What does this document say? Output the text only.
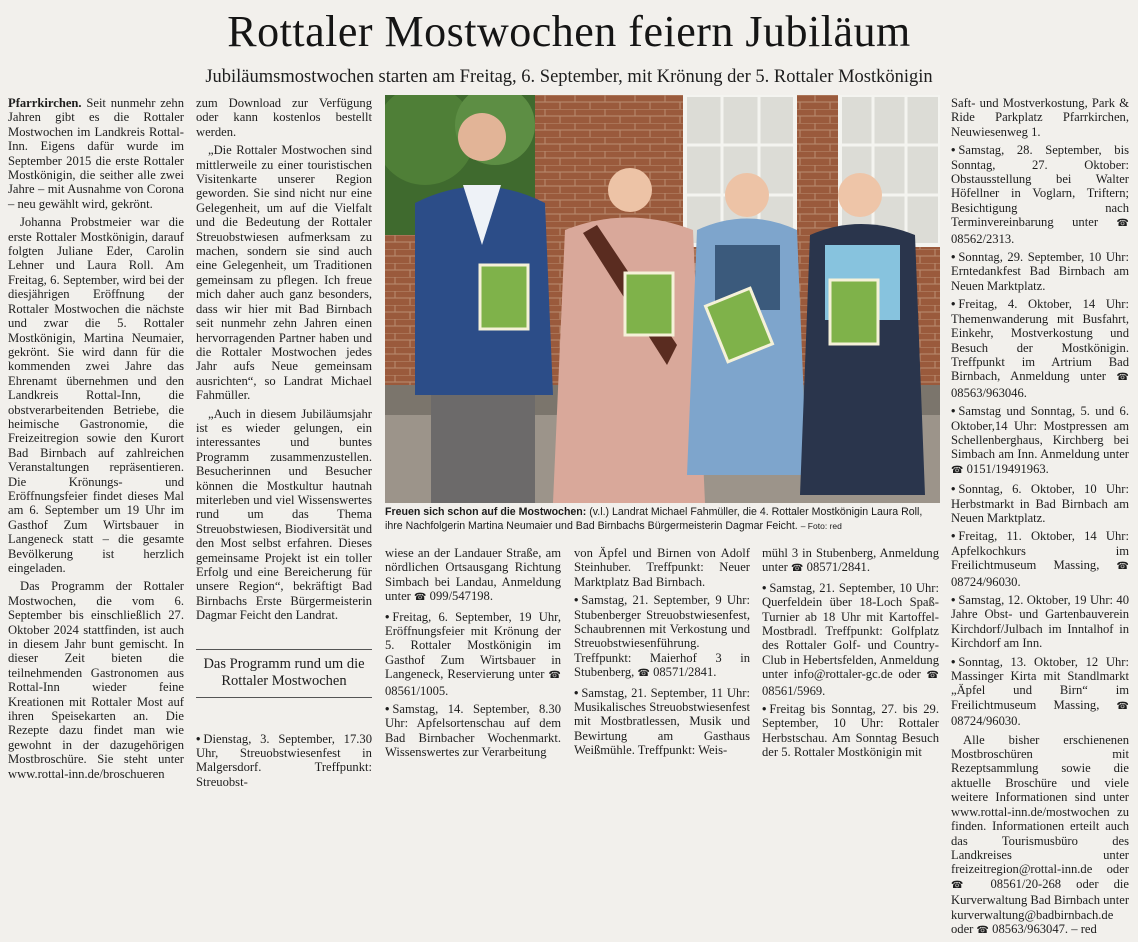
Rottaler Mostwochen feiern Jubiläum
Jubiläumsmostwochen starten am Freitag, 6. September, mit Krönung der 5. Rottaler Mostkönigin

Pfarrkirchen. Seit nunmehr zehn Jahren gibt es die Rottaler Mostwochen im Landkreis Rottal-Inn. Eigens dafür wurde im September 2015 die erste Rottaler Mostkönigin, die seither alle zwei Jahre – mit Ausnahme von Corona – neu gewählt wird, gekrönt.

Johanna Probstmeier war die erste Rottaler Mostkönigin, darauf folgten Juliane Eder, Carolin Lehner und Laura Roll. Am Freitag, 6. September, wird bei der diesjährigen Eröffnung der Rottaler Mostwochen die nächste und zwar die 5. Rottaler Mostkönigin, Martina Neumaier, gekrönt. Sie wird dann für die kommenden zwei Jahre das Ehrenamt übernehmen und den Landkreis Rottal-Inn, die obstverarbeitenden Betriebe, die heimische Gastronomie, die Freizeitregion sowie den Kurort Bad Birnbach auf zahlreichen Veranstaltungen repräsentieren. Die Krönungs- und Eröffnungsfeier findet dieses Mal am 6. September um 19 Uhr im Gasthof Zum Wirtsbauer in Langeneck statt – die gesamte Bevölkerung ist herzlich eingeladen.

Das Programm der Rottaler Mostwochen, die vom 6. September bis einschließlich 27. Oktober 2024 stattfinden, ist auch in diesem Jahr bunt gemischt. In dieser Zeit bieten die teilnehmenden Gastronomen aus Rottal-Inn wieder feine Kreationen mit Rottaler Most auf ihren Speisekarten an. Die Rezepte dazu findet man wie gewohnt in der dazugehörigen Mostbroschüre. Sie steht unter www.rottal-inn.de/broschueren

zum Download zur Verfügung oder kann kostenlos bestellt werden.

„Die Rottaler Mostwochen sind mittlerweile zu einer touristischen Visitenkarte unserer Region geworden. Sie sind nicht nur eine Gelegenheit, um auf die Vielfalt und die Bedeutung der Rottaler Streuobstwiesen aufmerksam zu machen, sondern sie sind auch eine Gelegenheit, um Traditionen gemeinsam zu pflegen. Ich freue mich daher auch ganz besonders, dass wir hier mit Bad Birnbach seit nunmehr zehn Jahren einen hervorragenden Partner haben und die Rottaler Mostwochen jedes Jahr aufs Neue gemeinsam ausrichten“, so Landrat Michael Fahmüller.

„Auch in diesem Jubiläumsjahr ist es wieder gelungen, ein interessantes und buntes Programm zusammenzustellen. Besucherinnen und Besucher können die Mostkultur hautnah miterleben und viel Wissenswertes rund um das Thema Streuobstwiesen, Biodiversität und den Most selbst erfahren. Dieses gemeinsame Projekt ist ein toller Erfolg und eine Bereicherung für unsere Region“, bekräftigt Bad Birnbachs Erste Bürgermeisterin Dagmar Feicht den Landrat.

Das Programm rund um die Rottaler Mostwochen

• Dienstag, 3. September, 17.30 Uhr, Streuobstwiesenfest in Malgersdorf. Treffpunkt: Streuobst-

Freuen sich schon auf die Mostwochen: (v.l.) Landrat Michael Fahmüller, die 4. Rottaler Mostkönigin Laura Roll, ihre Nachfolgerin Martina Neumaier und Bad Birnbachs Bürgermeisterin Dagmar Feicht. – Foto: red

wiese an der Landauer Straße, am nördlichen Ortsausgang Richtung Simbach bei Landau, Anmeldung unter ☎ 099/547198.

• Freitag, 6. September, 19 Uhr, Eröffnungsfeier mit Krönung der 5. Rottaler Mostkönigin im Gasthof Zum Wirtsbauer in Langeneck, Reservierung unter ☎ 08561/1005.

• Samstag, 14. September, 8.30 Uhr: Apfelsortenschau auf dem Bad Birnbacher Wochenmarkt. Wissenswertes zur Verarbeitung

von Äpfel und Birnen von Adolf Steinhuber. Treffpunkt: Neuer Marktplatz Bad Birnbach.

• Samstag, 21. September, 9 Uhr: Stubenberger Streuobstwiesenfest, Schaubrennen mit Verkostung und Streuobstwiesenführung. Treffpunkt: Maierhof 3 in Stubenberg, ☎ 08571/2841.

• Samstag, 21. September, 11 Uhr: Musikalisches Streuobstwiesenfest mit Mostbratlessen, Musik und Bewirtung am Gasthaus Weißmühle. Treffpunkt: Weis-

mühl 3 in Stubenberg, Anmeldung unter ☎ 08571/2841.

• Samstag, 21. September, 10 Uhr: Querfeldein über 18-Loch Spaß-Turnier ab 18 Uhr mit Kartoffel-Mostbradl. Treffpunkt: Golfplatz des Rottaler Golf- und Country-Club in Hebertsfelden, Anmeldung unter info@rottaler-gc.de oder ☎ 08561/5969.

• Freitag bis Sonntag, 27. bis 29. September, 10 Uhr: Rottaler Herbstschau. Am Sonntag Besuch der 5. Rottaler Mostkönigin mit

Saft- und Mostverkostung, Park & Ride Parkplatz Pfarrkirchen, Neuwiesenweg 1.

• Samstag, 28. September, bis Sonntag, 27. Oktober: Obstausstellung bei Walter Höfellner in Voglarn, Triftern; Besichtigung nach Terminvereinbarung unter ☎ 08562/2313.

• Sonntag, 29. September, 10 Uhr: Erntedankfest Bad Birnbach am Neuen Marktplatz.

• Freitag, 4. Oktober, 14 Uhr: Themenwanderung mit Busfahrt, Einkehr, Mostverkostung und Besuch der Mostkönigin. Treffpunkt im Artrium Bad Birnbach, Anmeldung unter ☎ 08563/963046.

• Samstag und Sonntag, 5. und 6. Oktober,14 Uhr: Mostpressen am Schellenberghaus, Kirchberg bei Simbach am Inn. Anmeldung unter ☎ 0151/19491963.

• Sonntag, 6. Oktober, 10 Uhr: Herbstmarkt in Bad Birnbach am Neuen Marktplatz.

• Freitag, 11. Oktober, 14 Uhr: Apfelkochkurs im Freilichtmuseum Massing, ☎ 08724/96030.

• Samstag, 12. Oktober, 19 Uhr: 40 Jahre Obst- und Gartenbauverein Kirchdorf/Julbach im Inntalhof in Kirchdorf am Inn.

• Sonntag, 13. Oktober, 12 Uhr: Massinger Kirta mit Standlmarkt „Äpfel und Birn“ im Freilichtmuseum Massing, ☎ 08724/96030.

Alle bisher erschienenen Mostbroschüren mit Rezeptsammlung sowie die aktuelle Broschüre und viele weitere Informationen sind unter www.rottal-inn.de/mostwochen zu finden. Informationen erteilt auch das Tourismusbüro des Landkreises unter freizeitregion@rottal-inn.de oder ☎ 08561/20-268 oder die Kurverwaltung Bad Birnbach unter kurverwaltung@badbirnbach.de oder ☎ 08563/963047. – red
